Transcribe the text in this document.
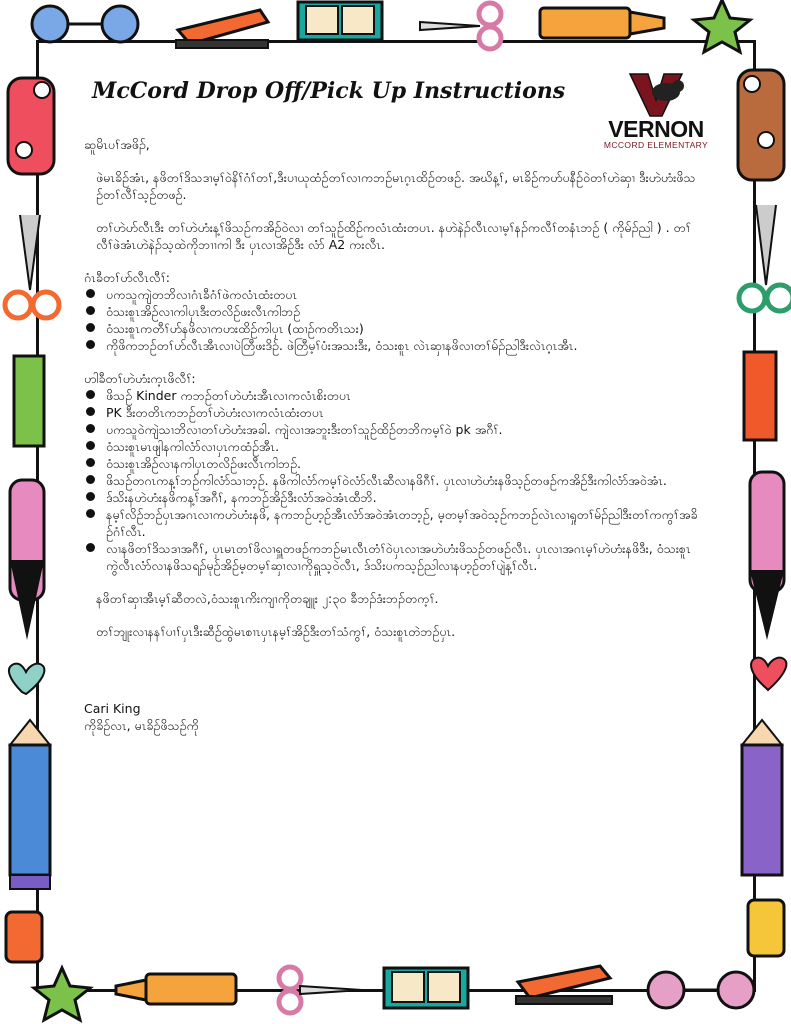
McCord Drop Off/Pick Up Instructions
VERNON
MCCORD ELEMENTARY

ဆူမိၤပၢ်အဖိၣ်,

ဖဲမၤခိဉ်အံၤ, နဖိတၢ်ဒိသဒၢမ့ၢ်ဝဲနိၢ်ဂံၢ်တၢ်,ဒီးပၢယုထံဉ်တၢ်လၢကဘဉ်မၤဂ့ၤထိဉ်တဖဉ်. အဃိန့ၢ်, မၤခိဉ်ကဟ်ပနီဉ်ဝဲတၢ်ဟဲဆှၢ ဒီးဟဲဟံးဖိသဉ်တၢ်လီၢ်သ့ဉ်တဖဉ်.

တၢ်ဟဲဟ်လီၤဒီး တၢ်ဟဲဟံးန့ၢ်ဖိသဉ်ကအိဉ်ဝဲလၢ တၢ်သူဉ်ထိဉ်ကလံၤထံးတပၤ. နဟဲနဲၣ်လီၤလၢမ့ၢ်နၣ်ကလီၢ်တနံၤဘဉ် ( ကိုမ်ၣ်ညါ ) . တၢ်လီၢ်ဖဲအံၤဟဲနဲၣ်သ့ထဲကိုဘၢၢကါ ဒီး ပှၤလၢအိဉ်ဒီး လံာ် A2 ကးလီၤ.

ဂံၤခီတၢ်ဟ်လီၤလီၢ်:

ပကသူကျဲတဘိလၢဂံၤခီဂံၢ်ဖဲကလံၤထံးတပၤ
ဝံသးစူၤအိဉ်လၢကါပှၤဒီးတလိဉ်ဖးလီၤကါဘဉ်
ဝံသးစူၤကတီၢ်ဟ်နဖိလၢကဟးထိဉ်ကါပှၤ (ထၢဉ်ကတိၤသး)
ကိုဖိကဘဉ်တၢ်ဟ်လီၤအီၤလၢပဲတြီဖးဒိဉ်. ဖဲတြီမ့ၢ်ပံးအသးဒီး, ဝံသးစူၤ လဲၤဆှၢနဖိလၢတၢ်မ်ၣ်ညါဒီးလဲၤဂ့ၤအီၤ.

ဟါခီတၢ်ဟဲဟံးက့ၤဖိလီၢ်:

ဖိသဉ် Kinder ကဘဉ်တၢ်ဟဲဟံးအီၤလၢကလံၤစိးတပၤ
PK ဒီးတတိၤကဘဉ်တၢ်ဟဲဟံးလၢကလံၤထံးတပၤ
ပကသူဝဲကျဲသၢဘိလၢတၢ်ဟဲဟံးအခါ. ကျဲလၢအဘူးဒီးတၢ်သူဉ်ထိဉ်တဘိကမ့ၢ်ဝဲ pk အဂီၢ်.
ဝံသးစူၤမၤဖျါနကါလံာ်လၢပှၤကထံဉ်အီၤ.
ဝံသးစူၤအိဉ်လၢနကါပှၤတလိဉ်ဖးလီၤကါဘဉ်.
ဖိသဉ်တဂၤကန့ၢ်ဘဉ်ကါလံာ်သၢဘ့ဉ်. နဖိကါလံာ်ကမ့ၢ်ဝဲလံာ်လီၤဆီလၢနဖိဂီၢ်. ပှၤလၢဟဲဟံးနဖိသ့ဉ်တဖဉ်ကအိဉ်ဒီးကါလံာ်အဝဲအံၤ.
ဒ်သိးနဟဲဟံးနဖိကန့ၢ်အဂီၢ်, နကဘဉ်အိဉ်ဒီးလံာ်အဝဲအံၤထီဘိ.
နမ့ၢ်လိဉ်ဘဉ်ပှၤအဂၤလၢကဟဲဟံးနဖိ, နကဘဉ်ဟ့ဉ်အီၤလံာ်အဝဲအံၤတဘ့ဉ်, မ့တမ့ၢ်အဝဲသ့ဉ်ကဘဉ်လဲၤလၢရှုတၢ်မ်ၣ်ညါဒီးတၢ်ကကွၢ်အခိဉ်ဂံၢ်လီၤ.
လၢနဖိတၢ်ဒိသဒၢအဂီၢ်, ပှၤမၤတၢ်ဖိလၢရှူတဖဉ်ကဘဉ်မၤလီၤတံၢ်ဝဲပှၤလၢအဟဲဟံးဖိသဉ်တဖဉ်လီၤ. ပှၤလၢအဂၤမ့ၢ်ဟဲဟံးနဖိဒီး, ဝံသးစူၤကွဲလီၤလံာ်လၢနဖိသရၣ်မုဉ်အိဉ်မ့တမ့ၢ်ဆှၢလၢကိုရှူသ့ဝဲလီၤ, ဒ်သိးပကသ့ဉ်ညါလၢနဟ့ဉ်တၢ်ပျဲန့ၢ်လီၤ.

နဖိတၢ်ဆှၢအီၤမ့ၢ်ဆီတလဲ,ဝံသးစူၤကိးကျၢကိုတချူး ၂:၃၀ ခီဘၣ်ဒံးဘၣ်တက့ၢ်.

တၢ်ဘျုးလၢနနၢ်ပၢၢ်ပှၤဒီးဆီဉ်ထွဲမၤစၢၤပှၤနမ့ၢ်အိဉ်ဒီးတၢ်သံကွၢ်, ဝံသးစူၤတဲဘဉ်ပှၤ.

Cari King

ကိုခိဉ်လၤ, မၤခိဉ်ဖိသဉ်ကို
